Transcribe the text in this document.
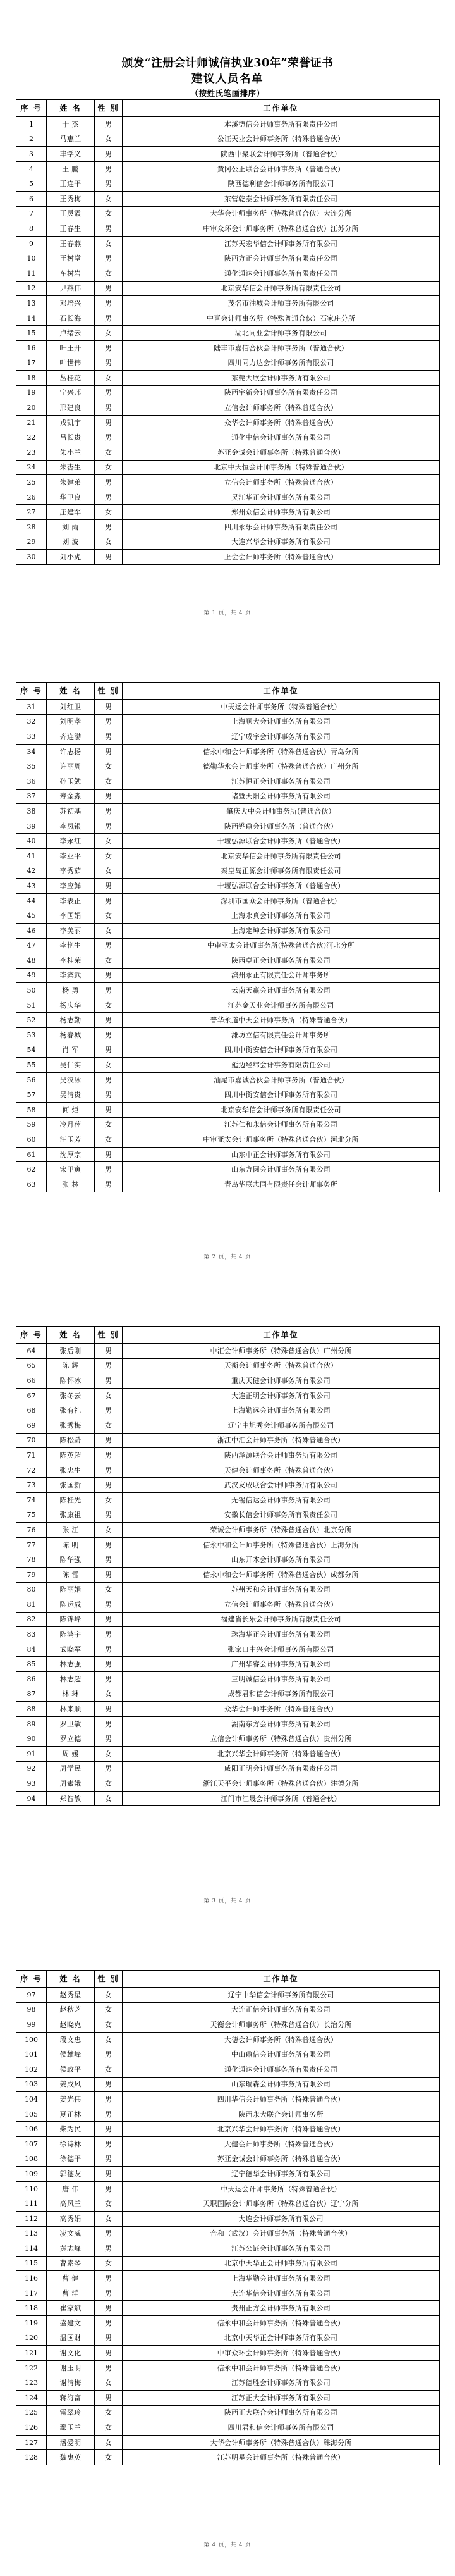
颁发“注册会计师诚信执业30年”荣誉证书
建议人员名单
（按姓氏笔画排序）
序 号	姓 名	性 别	工作单位
1	于 杰	男	本溪德信会计师事务所有限责任公司
2	马惠兰	女	公证天业会计师事务所（特殊普通合伙）
3	丰学义	男	陕西中聚联会计师事务所（普通合伙）
4	王 鹏	男	黄冈公正联合会计师事务所（普通合伙）
5	王连平	男	陕西德利信会计师事务所有限公司
6	王秀梅	女	东营乾泰会计师事务所有限责任公司
7	王灵霞	女	大华会计师事务所（特殊普通合伙）大连分所
8	王春生	男	中审众环会计师事务所（特殊普通合伙）江苏分所
9	王春燕	女	江苏天宏华信会计师事务所有限公司
10	王树堂	男	陕西方正会计师事务所有限责任公司
11	车树岩	女	通化通达会计师事务所有限责任公司
12	尹燕伟	男	北京安华信会计师事务所有限责任公司
13	邓培兴	男	茂名市油城会计师事务所有限公司
14	石长海	男	中喜会计师事务所（特殊普通合伙）石家庄分所
15	卢绪云	女	湖北同业会计师事务有限公司
16	叶王开	男	陆丰市嘉信合伙会计师事务所（普通合伙）
17	叶世伟	男	四川同力达会计师事务所有限公司
18	丛桂花	女	东莞大欣会计师事务所有限公司
19	宁兴邦	男	陕西宇新会计师事务所有限责任公司
20	邢建良	男	立信会计师事务所（特殊普通合伙）
21	戎凯宇	男	众华会计师事务所（特殊普通合伙）
22	吕长贵	男	通化中信会计师事务所有限公司
23	朱小兰	女	苏亚金诚会计师事务所（特殊普通合伙）
24	朱杏生	女	北京中天恒会计师事务所（特殊普通合伙）
25	朱建弟	男	立信会计师事务所（特殊普通合伙）
26	华卫良	男	吴江华正会计师事务所有限公司
27	庄建军	女	郑州众信会计师事务所有限公司
28	刘 雨	男	四川永乐会计师事务所有限责任公司
29	刘 波	女	大连兴华会计师事务所有限公司
30	刘小虎	男	上会会计师事务所（特殊普通合伙）
第 1 页，共 4 页
序 号	姓 名	性 别	工作单位
31	刘红卫	男	中天运会计师事务所（特殊普通合伙）
32	刘明孝	男	上海顺大会计师事务所有限公司
33	齐连渤	男	辽宁成宇会计师事务所有限公司
34	许志扬	男	信永中和会计师事务所（特殊普通合伙）青岛分所
35	许丽周	女	德勤华永会计师事务所（特殊普通合伙）广州分所
36	孙玉勉	女	江苏恒正会计师事务所有限公司
37	寿金淼	男	诸暨天阳会计师事务所有限公司
38	苏初基	男	肇庆大中会计师事务所(普通合伙）
39	李凤银	男	陕西铧鼎会计师事务所（普通合伙）
40	李永红	女	十堰弘源联合会计师事务所（普通合伙）
41	李亚平	女	北京安华信会计师事务所有限责任公司
42	李秀茹	女	秦皇岛正源会计师事务所有限责任公司
43	李应鲜	男	十堰弘源联合会计师事务所（普通合伙）
44	李表正	男	深圳市国众会计师事务所（普通合伙）
45	李国娟	女	上海永真会计师事务所有限公司
46	李美丽	女	上海定坤会计师事务所有限公司
47	李艳生	男	中审亚太会计师事务所(特殊普通合伙)河北分所
48	李桂荣	女	陕西卓正会计师事务所有限公司
49	李宾武	男	滨州永正有限责任会计师事务所
50	杨 勇	男	云南天赢会计师事务所有限公司
51	杨庆华	女	江苏金天业会计师事务所有限公司
52	杨志勤	男	普华永道中天会计师事务所（特殊普通合伙）
53	杨春城	男	潍坊立信有限责任会计师事务所
54	肖 军	男	四川中衡安信会计师事务所有限公司
55	吴仁实	女	延边经纬会计事务有限责任公司
56	吴汉冰	男	汕尾市嘉诚合伙会计师事务所（普通合伙）
57	吴清贵	男	四川中衡安信会计师事务所有限公司
58	何 炬	男	北京安华信会计师事务所有限责任公司
59	冷月萍	女	江苏仁和永信会计师事务所有限公司
60	汪玉芳	女	中审亚太会计师事务所（特殊普通合伙）河北分所
61	沈厚宗	男	山东中正会计师事务所有限公司
62	宋甲寅	男	山东方圆会计师事务所有限公司
63	张 林	男	青岛华联志同有限责任会计师事务所
第 2 页，共 4 页
序 号	姓 名	性 别	工作单位
64	张后刚	男	中汇会计师事务所（特殊普通合伙）广州分所
65	陈 辉	男	天衡会计师事务所（特殊普通合伙）
66	陈怀冰	男	重庆天健会计师事务所有限公司
67	张冬云	女	大连正明会计师事务所有限公司
68	张有礼	男	上海勤远会计师事务所有限公司
69	张秀梅	女	辽宁中旭秀会计师事务所有限公司
70	陈松龄	男	浙江中汇会计师事务所（特殊普通合伙）
71	陈英超	男	陕西泽源联合会计师事务所有限公司
72	张忠生	男	天健会计师事务所（特殊普通合伙）
73	张国新	男	武汉友成联合会计师事务所有限公司
74	陈桂先	女	无锡信达会计师事务所有限公司
75	张康祖	男	安徽长信会计师事务所有限责任公司
76	张 江	女	荣诚会计师事务所（特殊普通合伙）北京分所
77	陈 明	男	信永中和会计师事务所（特殊普通合伙）上海分所
78	陈华强	男	山东开木会计师事务所有限公司
79	陈 雷	男	信永中和会计师事务所（特殊普通合伙）成都分所
80	陈丽娟	女	苏州天和会计师事务所有限公司
81	陈运成	男	立信会计师事务所（特殊普通合伙）
82	陈锦峰	男	福建省长乐会计师事务所有限责任公司
83	陈鸿宇	男	珠海华正会计师事务所有限公司
84	武晓军	男	张家口中兴会计师事务所有限公司
85	林志强	男	广州华睿会计师事务所有限公司
86	林志超	男	三明诚信会计师事务所有限公司
87	林 琳	女	成都君和信会计师事务所有限公司
88	林来顺	男	众华会计师事务所（特殊普通合伙）
89	罗卫敏	男	湖南东方会计师事务所有限公司
90	罗立德	男	立信会计师事务所（特殊普通合伙）贵州分所
91	周 媛	女	北京兴华会计师事务所（特殊普通合伙）
92	周学民	男	咸阳正明会计师事务所有限责任公司
93	周素娥	女	浙江天平会计师事务所（特殊普通合伙）建德分所
94	郑智敏	女	江门市江晟会计师事务所（普通合伙）
第 3 页，共 4 页
序 号	姓 名	性 别	工作单位
97	赵秀星	女	辽宁中华信会计师事务所有限公司
98	赵秋芝	女	大连正信会计师事务所有限公司
99	赵晓克	女	天衡会计师事务所（特殊普通合伙）长治分所
100	段文忠	女	大德会计师事务所（特殊普通合伙）
101	侯雄峰	男	中山鼎信会计师事务所有限公司
102	侯政平	女	通化通达会计师事务所有限责任公司
103	姜成风	男	山东瑞森会计师事务所有限公司
104	姜光伟	男	四川华信会计师事务所（特殊普通合伙）
105	夏正林	男	陕西永大联合会计师事务所
106	柴为民	男	北京兴华会计师事务所（特殊普通合伙）
107	徐诗林	男	大健会计师事务所（特殊普通合伙）
108	徐德平	男	苏亚金诚会计师事务所（特殊普通合伙）
109	郭德友	男	辽宁德华会计师事务所有限公司
110	唐 伟	男	中天运会计师事务所（特殊普通合伙）
111	高风兰	女	天职国际会计师事务所（特殊普通合伙）辽宁分所
112	高秀娟	女	大连会计师事务所有限公司
113	凌文威	男	合和（武汉）会计师事务所（特殊普通合伙）
114	黄志峰	男	江苏公证会计师事务所有限公司
115	曹素琴	女	北京中天华正会计师事务所有限公司
116	曹 健	男	上海华勤会计师事务所有限公司
117	曹 洋	男	大连华信会计师事务所有限公司
118	崔家斌	男	贵州正方会计师事务所有限公司
119	盛建文	男	信永中和会计师事务所（特殊普通合伙）
120	温国财	男	北京中天华正会计师事务所有限公司
121	谢文化	男	中审众环会计师事务所（特殊普通合伙）
122	谢玉明	男	信永中和会计师事务所（特殊普通合伙）
123	谢清梅	女	江苏德胜会计师事务所有限公司
124	蒋海富	男	江苏正大会计师事务所有限公司
125	雷翠玲	女	陕西正大联合会计师事务所有限公司
126	鄢玉兰	女	四川君和信会计师事务所有限公司
127	潘爱明	女	大华会计师事务所（特殊普通合伙）珠海分所
128	魏惠英	女	江苏明星会计师事务所（特殊普通合伙）
第 4 页，共 4 页
